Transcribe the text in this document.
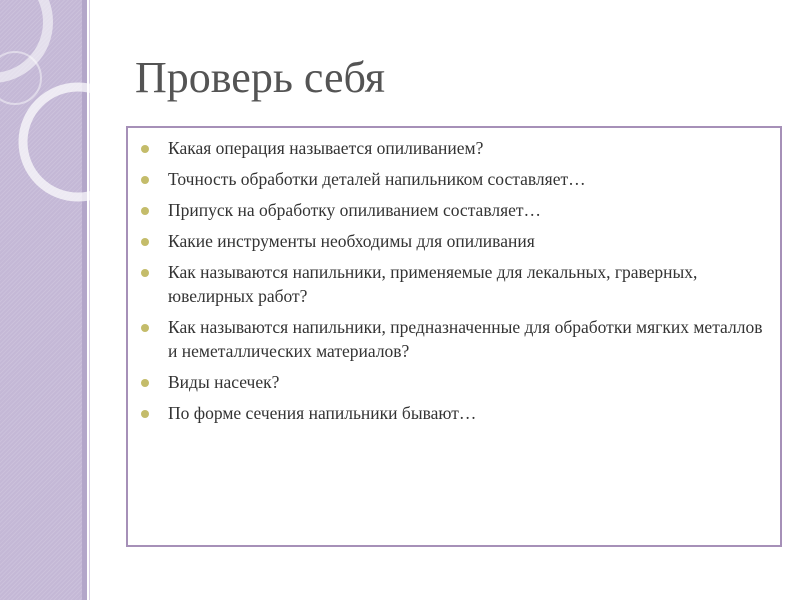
Проверь себя
Какая операция называется опиливанием?
Точность обработки деталей напильником составляет…
Припуск на обработку опиливанием составляет…
Какие инструменты необходимы для опиливания
Как называются напильники, применяемые для лекальных, граверных, ювелирных работ?
Как называются напильники, предназначенные для обработки мягких металлов и неметаллических материалов?
Виды насечек?
По форме сечения напильники бывают…
